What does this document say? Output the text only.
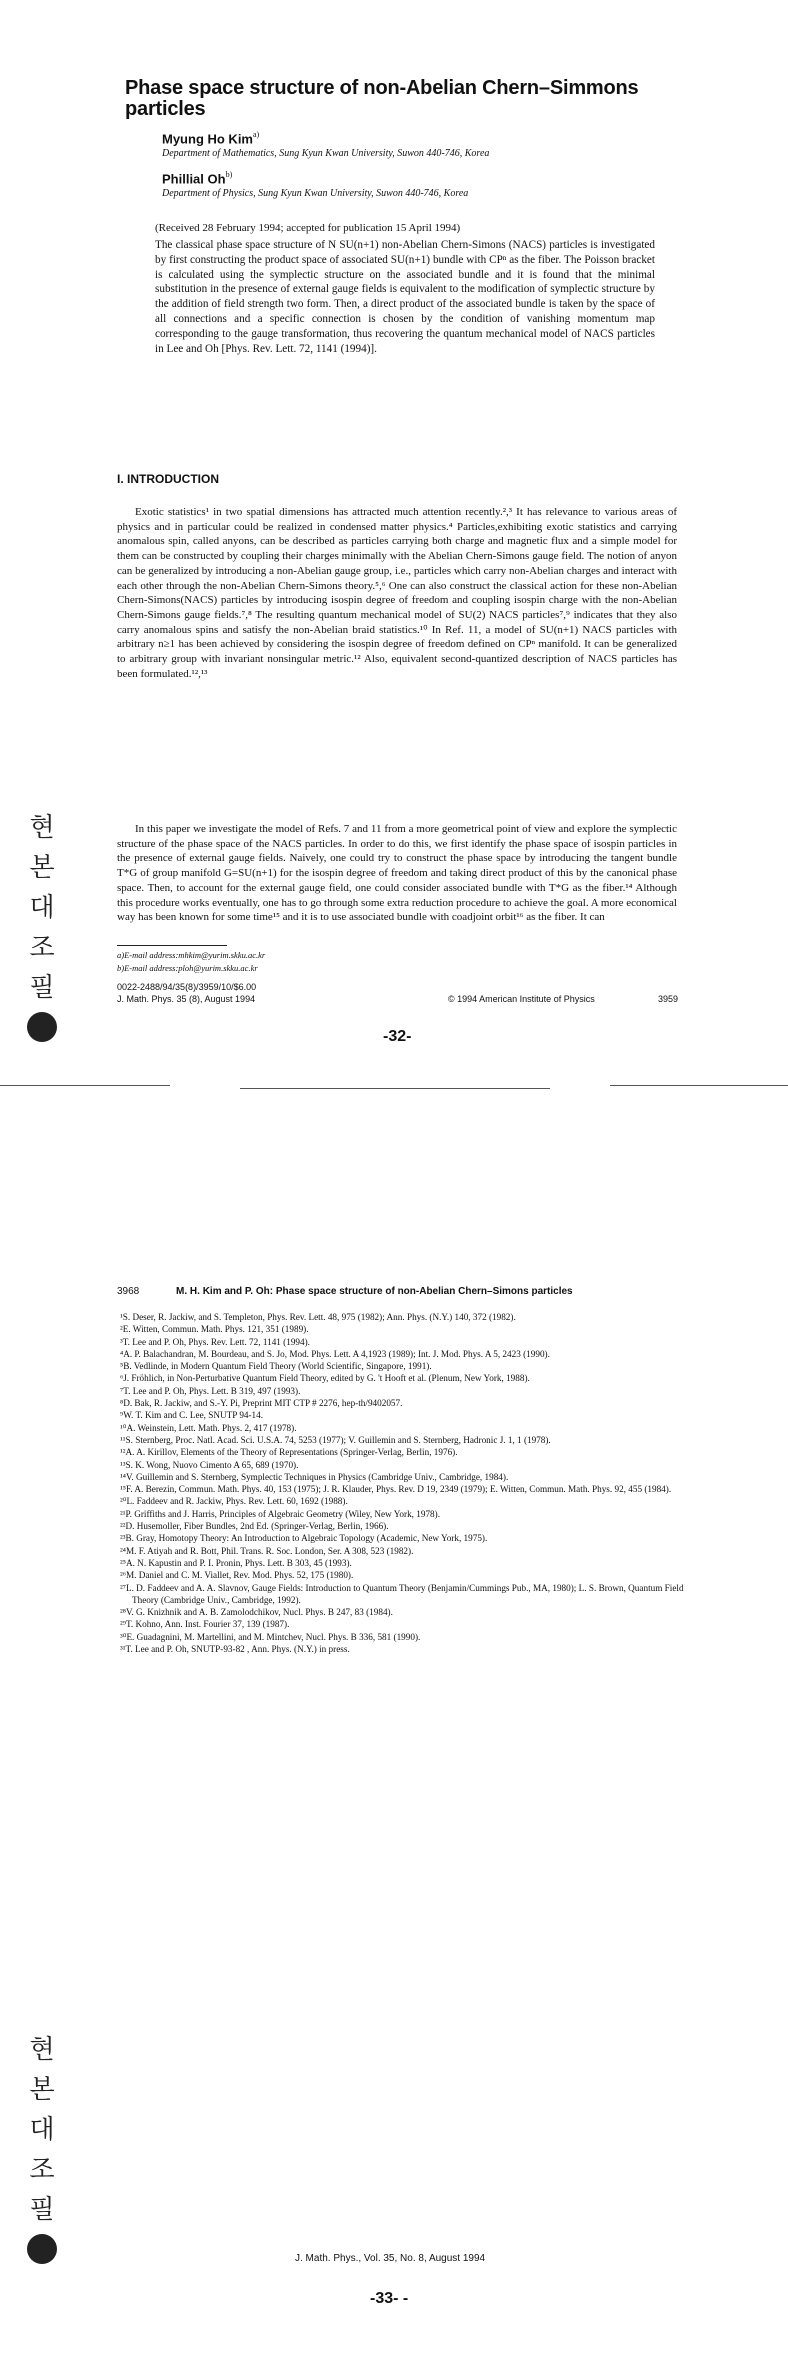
Phase space structure of non-Abelian Chern–Simmons particles
Myung Ho Kim$^{a)}$
Department of Mathematics, Sung Kyun Kwan University, Suwon 440-746, Korea
Phillial Oh$^{b)}$
Department of Physics, Sung Kyun Kwan University, Suwon 440-746, Korea
(Received 28 February 1994; accepted for publication 15 April 1994)
The classical phase space structure of N SU(n+1) non-Abelian Chern-Simons (NACS) particles is investigated by first constructing the product space of associated SU(n+1) bundle with CPⁿ as the fiber. The Poisson bracket is calculated using the symplectic structure on the associated bundle and it is found that the minimal substitution in the presence of external gauge fields is equivalent to the modification of symplectic structure by the addition of field strength two form. Then, a direct product of the associated bundle is taken by the space of all connections and a specific connection is chosen by the condition of vanishing momentum map corresponding to the gauge transformation, thus recovering the quantum mechanical model of NACS particles in Lee and Oh [Phys. Rev. Lett. 72, 1141 (1994)].
I. INTRODUCTION
Exotic statistics¹ in two spatial dimensions has attracted much attention recently.²,³ It has relevance to various areas of physics and in particular could be realized in condensed matter physics.⁴ Particles,exhibiting exotic statistics and carrying anomalous spin, called anyons, can be described as particles carrying both charge and magnetic flux and a simple model for them can be constructed by coupling their charges minimally with the Abelian Chern-Simons gauge field. The notion of anyon can be generalized by introducing a non-Abelian gauge group, i.e., particles which carry non-Abelian charges and interact with each other through the non-Abelian Chern-Simons theory.⁵,⁶ One can also construct the classical action for these non-Abelian Chern-Simons(NACS) particles by introducing isospin degree of freedom and coupling isospin charge with the non-Abelian Chern-Simons gauge fields.⁷,⁸ The resulting quantum mechanical model of SU(2) NACS particles⁷,⁹ indicates that they also carry anomalous spins and satisfy the non-Abelian braid statistics.¹⁰ In Ref. 11, a model of SU(n+1) NACS particles with arbitrary n≥1 has been achieved by considering the isospin degree of freedom defined on CPⁿ manifold. It can be generalized to arbitrary group with invariant nonsingular metric.¹² Also, equivalent second-quantized description of NACS particles has been formulated.¹²,¹³
In this paper we investigate the model of Refs. 7 and 11 from a more geometrical point of view and explore the symplectic structure of the phase space of the NACS particles. In order to do this, we first identify the phase space of isospin particles in the presence of external gauge fields. Naively, one could try to construct the phase space by introducing the tangent bundle T*G of group manifold G=SU(n+1) for the isospin degree of freedom and taking direct product of this by the canonical phase space. Then, to account for the external gauge field, one could consider associated bundle with T*G as the fiber.¹⁴ Although this procedure works eventually, one has to go through some extra reduction procedure to achieve the goal. A more economical way has been known for some time¹⁵ and it is to use associated bundle with coadjoint orbit¹⁶ as the fiber. It can
a)E-mail address:mhkim@yurim.skku.ac.kr
b)E-mail address:ploh@yurim.skku.ac.kr
0022-2488/94/35(8)/3959/10/$6.00
J. Math. Phys. 35 (8), August 1994	© 1994 American Institute of Physics	3959
-32-
현
본
대
조
필
3968	M. H. Kim and P. Oh: Phase space structure of non-Abelian Chern–Simons particles
¹S. Deser, R. Jackiw, and S. Templeton, Phys. Rev. Lett. 48, 975 (1982); Ann. Phys. (N.Y.) 140, 372 (1982).
²E. Witten, Commun. Math. Phys. 121, 351 (1989).
³T. Lee and P. Oh, Phys. Rev. Lett. 72, 1141 (1994).
⁴A. P. Balachandran, M. Bourdeau, and S. Jo, Mod. Phys. Lett. A 4,1923 (1989); Int. J. Mod. Phys. A 5, 2423 (1990).
⁵B. Vedlinde, in Modern Quantum Field Theory (World Scientific, Singapore, 1991).
⁶J. Fröhlich, in Non-Perturbative Quantum Field Theory, edited by G. 't Hooft et al. (Plenum, New York, 1988).
⁷T. Lee and P. Oh, Phys. Lett. B 319, 497 (1993).
⁸D. Bak, R. Jackiw, and S.-Y. Pi, Preprint MIT CTP # 2276, hep-th/9402057.
⁹W. T. Kim and C. Lee, SNUTP 94-14.
¹⁰A. Weinstein, Lett. Math. Phys. 2, 417 (1978).
¹¹S. Sternberg, Proc. Natl. Acad. Sci. U.S.A. 74, 5253 (1977); V. Guillemin and S. Sternberg, Hadronic J. 1, 1 (1978).
¹²A. A. Kirillov, Elements of the Theory of Representations (Springer-Verlag, Berlin, 1976).
¹³S. K. Wong, Nuovo Cimento A 65, 689 (1970).
¹⁴V. Guillemin and S. Sternberg, Symplectic Techniques in Physics (Cambridge Univ., Cambridge, 1984).
¹⁵F. A. Berezin, Commun. Math. Phys. 40, 153 (1975); J. R. Klauder, Phys. Rev. D 19, 2349 (1979); E. Witten, Commun. Math. Phys. 92, 455 (1984).
²⁰L. Faddeev and R. Jackiw, Phys. Rev. Lett. 60, 1692 (1988).
²¹P. Griffiths and J. Harris, Principles of Algebraic Geometry (Wiley, New York, 1978).
²²D. Husemoller, Fiber Bundles, 2nd Ed. (Springer-Verlag, Berlin, 1966).
²³B. Gray, Homotopy Theory: An Introduction to Algebraic Topology (Academic, New York, 1975).
²⁴M. F. Atiyah and R. Bott, Phil. Trans. R. Soc. London, Ser. A 308, 523 (1982).
²⁵A. N. Kapustin and P. I. Pronin, Phys. Lett. B 303, 45 (1993).
²⁶M. Daniel and C. M. Viallet, Rev. Mod. Phys. 52, 175 (1980).
²⁷L. D. Faddeev and A. A. Slavnov, Gauge Fields: Introduction to Quantum Theory (Benjamin/Cummings Pub., MA, 1980); L. S. Brown, Quantum Field Theory (Cambridge Univ., Cambridge, 1992).
²⁸V. G. Knizhnik and A. B. Zamolodchikov, Nucl. Phys. B 247, 83 (1984).
²⁹T. Kohno, Ann. Inst. Fourier 37, 139 (1987).
³⁰E. Guadagnini, M. Martellini, and M. Mintchev, Nucl. Phys. B 336, 581 (1990).
³¹T. Lee and P. Oh, SNUTP-93-82 , Ann. Phys. (N.Y.) in press.
현
본
대
조
필
J. Math. Phys., Vol. 35, No. 8, August 1994
-33- -
